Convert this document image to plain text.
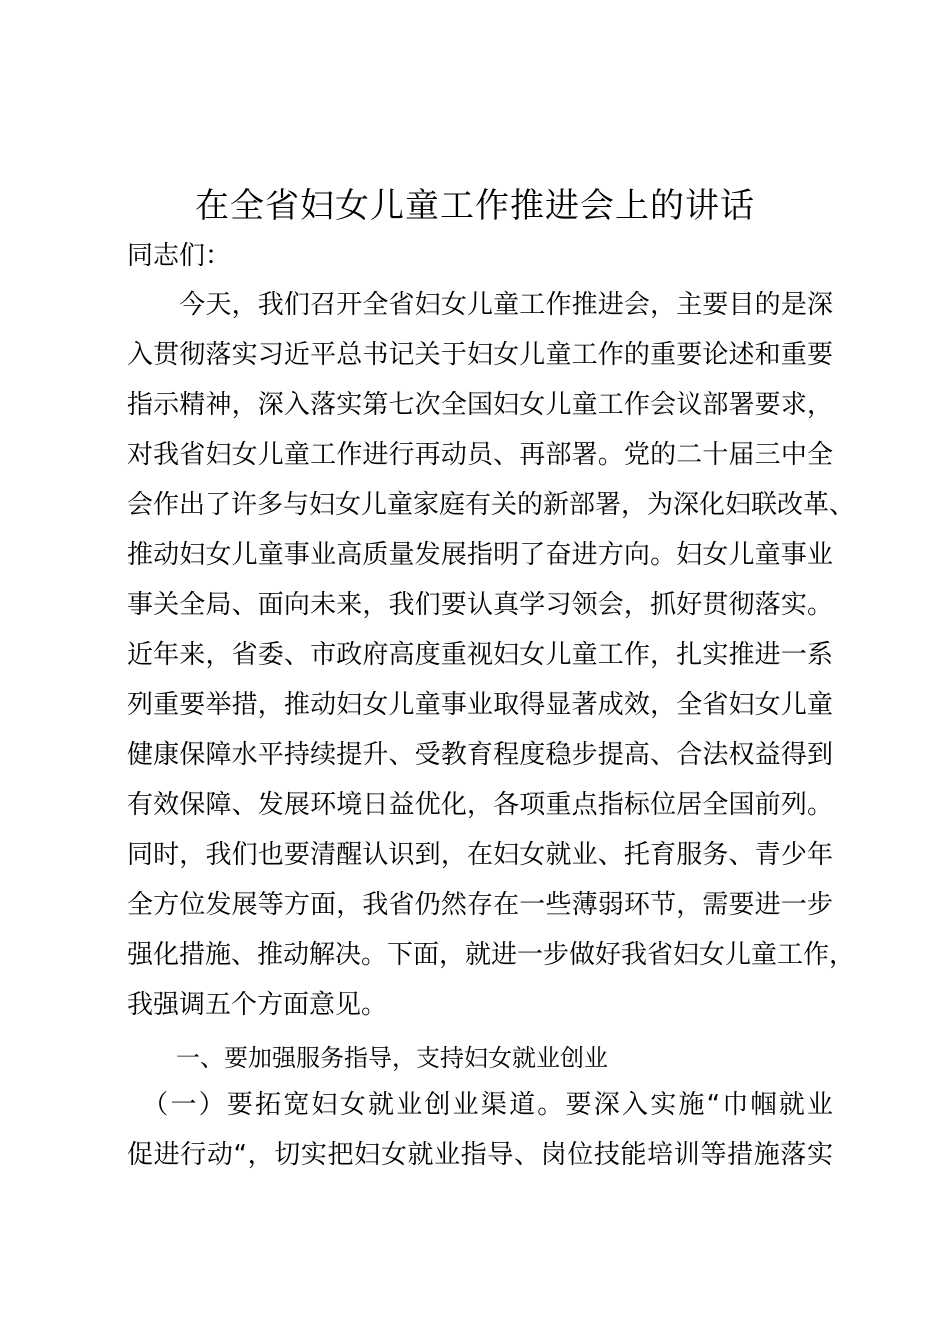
在全省妇女儿童工作推进会上的讲话
同志们：
　　今天，我们召开全省妇女儿童工作推进会，主要目的是深
入贯彻落实习近平总书记关于妇女儿童工作的重要论述和重要
指示精神，深入落实第七次全国妇女儿童工作会议部署要求，
对我省妇女儿童工作进行再动员、再部署。党的二十届三中全
会作出了许多与妇女儿童家庭有关的新部署，为深化妇联改革、
推动妇女儿童事业高质量发展指明了奋进方向。妇女儿童事业
事关全局、面向未来，我们要认真学习领会，抓好贯彻落实。
近年来，省委、市政府高度重视妇女儿童工作，扎实推进一系
列重要举措，推动妇女儿童事业取得显著成效，全省妇女儿童
健康保障水平持续提升、受教育程度稳步提高、合法权益得到
有效保障、发展环境日益优化，各项重点指标位居全国前列。
同时，我们也要清醒认识到，在妇女就业、托育服务、青少年
全方位发展等方面，我省仍然存在一些薄弱环节，需要进一步
强化措施、推动解决。下面，就进一步做好我省妇女儿童工作，
我强调五个方面意见。
一、要加强服务指导，支持妇女就业创业
　（一）要拓宽妇女就业创业渠道。要深入实施“巾帼就业
促进行动“，切实把妇女就业指导、岗位技能培训等措施落实
